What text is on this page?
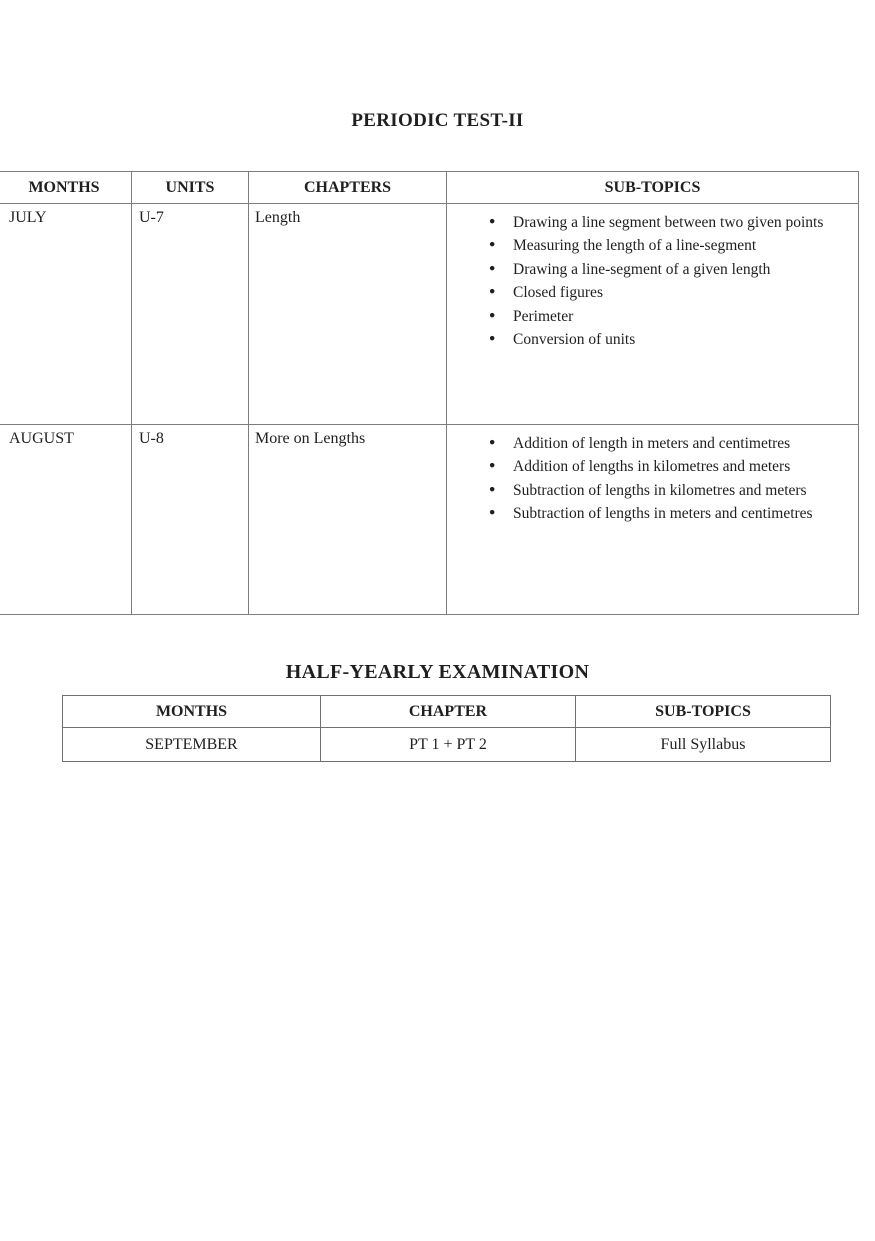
PERIODIC TEST-II
MONTHS	UNITS	CHAPTERS	SUB-TOPICS
JULY	U-7	Length	
●Drawing a line segment between two given points
● Measuring the length of a line-segment
● Drawing a line-segment of a given length
● Closed figures
● Perimeter
● Conversion of units

AUGUST	U-8	More on Lengths	
●Addition of length in meters and centimetres
● Addition of lengths in kilometres and meters
● Subtraction of lengths in kilometres and meters
● Subtraction of lengths in meters and centimetres
HALF-YEARLY EXAMINATION
MONTHS	CHAPTER	SUB-TOPICS
SEPTEMBER	PT 1 + PT 2	Full Syllabus
